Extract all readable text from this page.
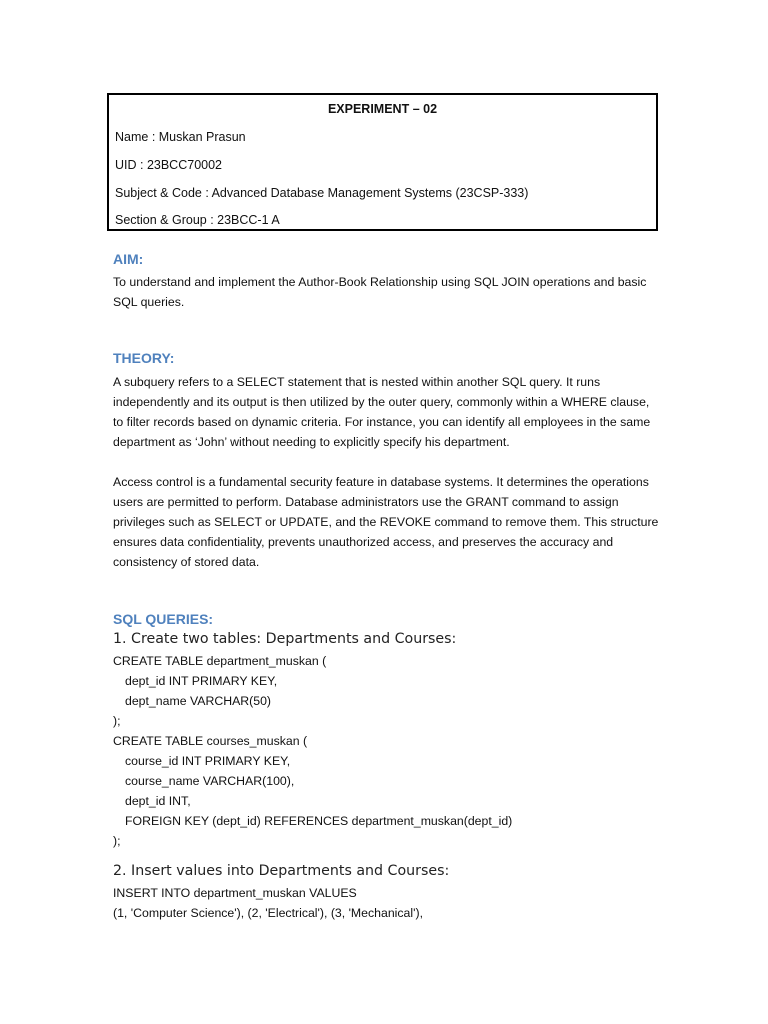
EXPERIMENT – 02
Name : Muskan Prasun
UID : 23BCC70002
Subject & Code : Advanced Database Management Systems (23CSP-333)
Section & Group : 23BCC-1 A
AIM:

To understand and implement the Author-Book Relationship using SQL JOIN operations and basic SQL queries.

THEORY:

A subquery refers to a SELECT statement that is nested within another SQL query. It runs independently and its output is then utilized by the outer query, commonly within a WHERE clause, to filter records based on dynamic criteria. For instance, you can identify all employees in the same department as ‘John’ without needing to explicitly specify his department.

Access control is a fundamental security feature in database systems. It determines the operations users are permitted to perform. Database administrators use the GRANT command to assign privileges such as SELECT or UPDATE, and the REVOKE command to remove them. This structure ensures data confidentiality, prevents unauthorized access, and preserves the accuracy and consistency of stored data.

SQL QUERIES:
1. Create two tables: Departments and Courses:
CREATE TABLE department_muskan (
dept_id INT PRIMARY KEY,
dept_name VARCHAR(50)
);
CREATE TABLE courses_muskan (
course_id INT PRIMARY KEY,
course_name VARCHAR(100),
dept_id INT,
FOREIGN KEY (dept_id) REFERENCES department_muskan(dept_id)
);
2. Insert values into Departments and Courses:
INSERT INTO department_muskan VALUES
(1, 'Computer Science'), (2, 'Electrical'), (3, 'Mechanical'),
